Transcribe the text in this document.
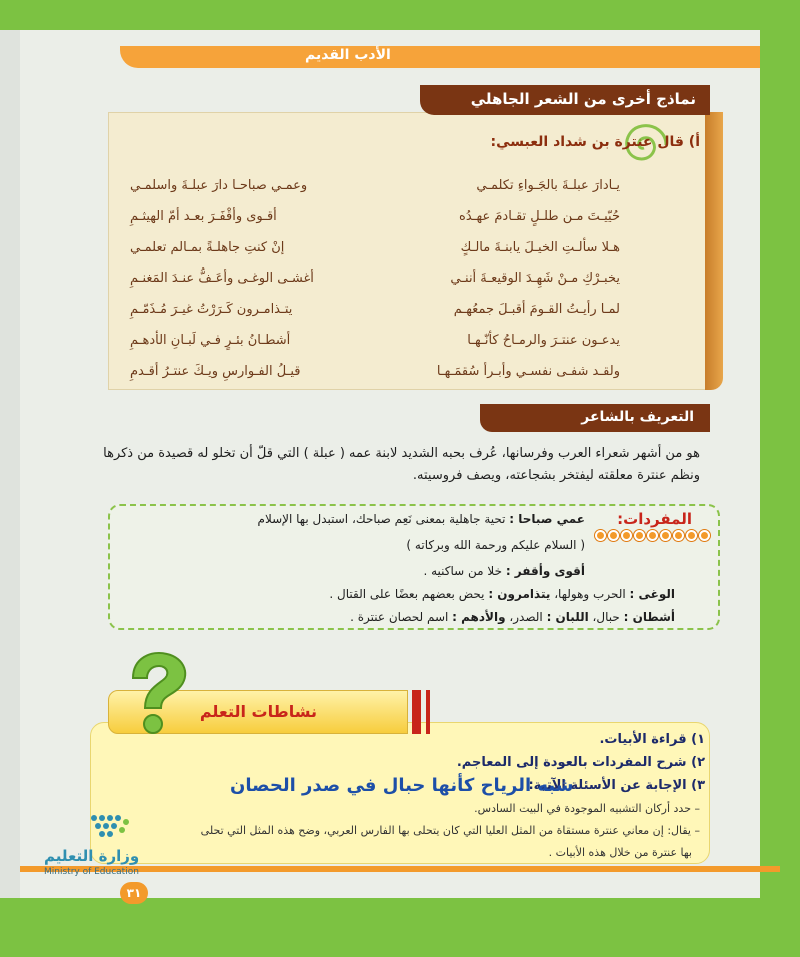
الأدب القديم
نماذج أخرى من الشعر الجاهلي
أ) قال عنترة بن شداد العبسي:
يـادارَ عبلـةَ بالجَـواءِ تكلمـي
وعمـي صباحـا دارَ عبلـةَ واسلمـي
حُيّيـتَ مـن طلـلٍ تقـادمَ عهـدُه
أقـوى وأقْفَـرَ بعـد أمّ الهيثـمِ
هـلا سألـتِ الخيـلَ يابنـةَ مالـكٍ
إنْ كنتِ جاهلـةً بمـالم تعلمـي
يخبـرْكِ مـنْ شَهِـدَ الوقيعـةَ أننـي
أغشـى الوغـى وأعَـفُّ عنـدَ المَغنـمِ
لمـا رأيـتُ القـومَ أقبـلَ جمعُهـم
يتـذامـرون كَـرَرْتُ غيـرَ مُـذَمّـمِ
يدعـون عنتـرَ والرمـاحُ كأنّـهـا
أشطـانُ بئـرٍ فـي لَبـانِ الأدهـمِ
ولقـد شفـى نفسـي وأبـرأ سُقمَـهـا
قيـلُ الفـوارسِ ويـكَ عنتـرُ أقـدمِ
التعريف بالشاعر
هو من أشهر شعراء العرب وفرسانها، عُرف بحبه الشديد لابنة عمه ( عبلة ) التي قلّ أن تخلو له قصيدة من ذكرها ونظم عنترة معلقته ليفتخر بشجاعته، ويصف فروسيته.
المفردات:
عمي صباحا : تحية جاهلية بمعنى نَعِم صباحك، استبدل بها الإسلام
( السلام عليكم ورحمة الله وبركاته )
أقوى وأقفر : خلا من ساكنيه .
الوغى : الحرب وهولها، يتذامرون : يحض بعضهم بعضًا على القتال .
أشطان : حبال، اللبان : الصدر، والأدهم : اسم لحصان عنترة .
نشاطات التعلم
١) قراءة الأبيات.
٢) شرح المفردات بالعودة إلى المعاجم.
٣) الإجابة عن الأسئلة الآتية:
شبه الرياح كأنها حبال في صدر الحصان
– حدد أركان التشبيه الموجودة في البيت السادس.
– يقال: إن معاني عنترة مستقاة من المثل العليا التي كان يتحلى بها الفارس العربي، وضح هذه المثل التي تحلى
بها عنترة من خلال هذه الأبيات .
وزارة التعليم
Ministry of Education
٣١
